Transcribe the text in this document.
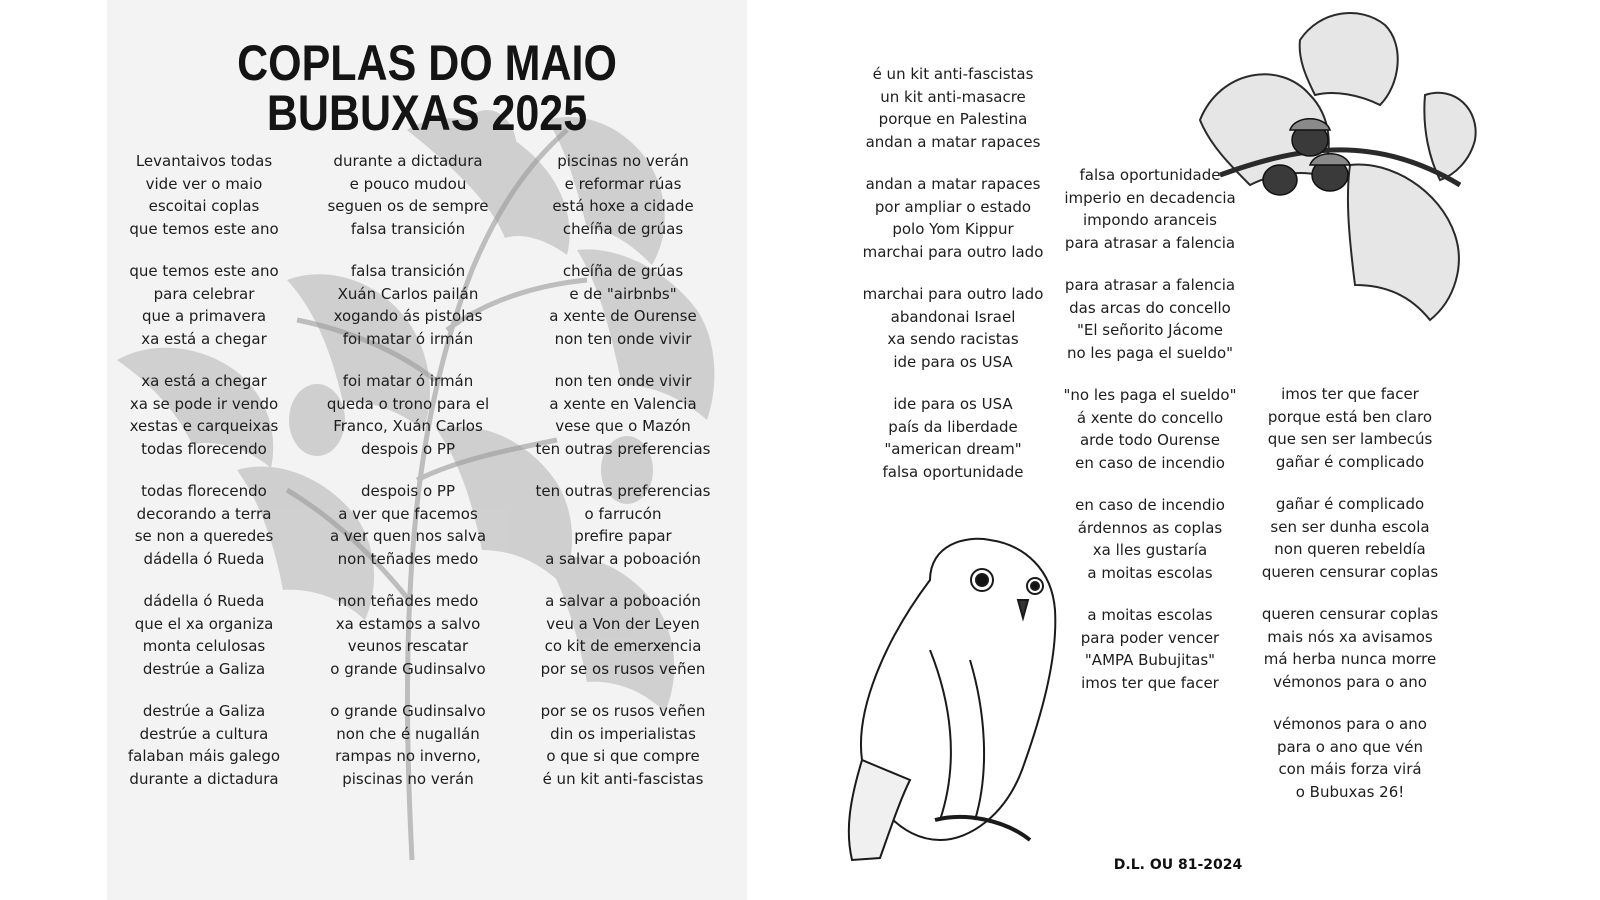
COPLAS DO MAIO BUBUXAS 2025
Levantaivos todas
vide ver o maio
escoitai coplas
que temos este ano
que temos este ano
para celebrar
que a primavera
xa está a chegar
xa está a chegar
xa se pode ir vendo
xestas e carqueixas
todas florecendo
todas florecendo
decorando a terra
se non a queredes
dádella ó Rueda
dádella ó Rueda
que el xa organiza
monta celulosas
destrúe a Galiza
destrúe a Galiza
destrúe a cultura
falaban máis galego
durante a dictadura
durante a dictadura
e pouco mudou
seguen os de sempre
falsa transición
falsa transición
Xuán Carlos pailán
xogando ás pistolas
foi matar ó irmán
foi matar ó irmán
queda o trono para el
Franco, Xuán Carlos
despois o PP
despois o PP
a ver que facemos
a ver quen nos salva
non teñades medo
non teñades medo
xa estamos a salvo
veunos rescatar
o grande Gudinsalvo
o grande Gudinsalvo
non che é nugallán
rampas no inverno,
piscinas no verán
piscinas no verán
e reformar rúas
está hoxe a cidade
cheíña de grúas
cheíña de grúas
e de "airbnbs"
a xente de Ourense
non ten onde vivir
non ten onde vivir
a xente en Valencia
vese que o Mazón
ten outras preferencias
ten outras preferencias
o farrucón
prefire papar
a salvar a poboación
a salvar a poboación
veu a Von der Leyen
co kit de emerxencia
por se os rusos veñen
por se os rusos veñen
din os imperialistas
o que si que compre
é un kit anti-fascistas
D.L. OU 81-2024
é un kit anti-fascistas
un kit anti-masacre
porque en Palestina
andan a matar rapaces
andan a matar rapaces
por ampliar o estado
polo Yom Kippur
marchai para outro lado
marchai para outro lado
abandonai Israel
xa sendo racistas
ide para os USA
ide para os USA
país da liberdade
"american dream"
falsa oportunidade
falsa oportunidade
imperio en decadencia
impondo aranceis
para atrasar a falencia
para atrasar a falencia
das arcas do concello
"El señorito Jácome
no les paga el sueldo"
"no les paga el sueldo"
á xente do concello
arde todo Ourense
en caso de incendio
en caso de incendio
árdennos as coplas
xa lles gustaría
a moitas escolas
a moitas escolas
para poder vencer
"AMPA Bubujitas"
imos ter que facer
imos ter que facer
porque está ben claro
que sen ser lambecús
gañar é complicado
gañar é complicado
sen ser dunha escola
non queren rebeldía
queren censurar coplas
queren censurar coplas
mais nós xa avisamos
má herba nunca morre
vémonos para o ano
vémonos para o ano
para o ano que vén
con máis forza virá
o Bubuxas 26!
